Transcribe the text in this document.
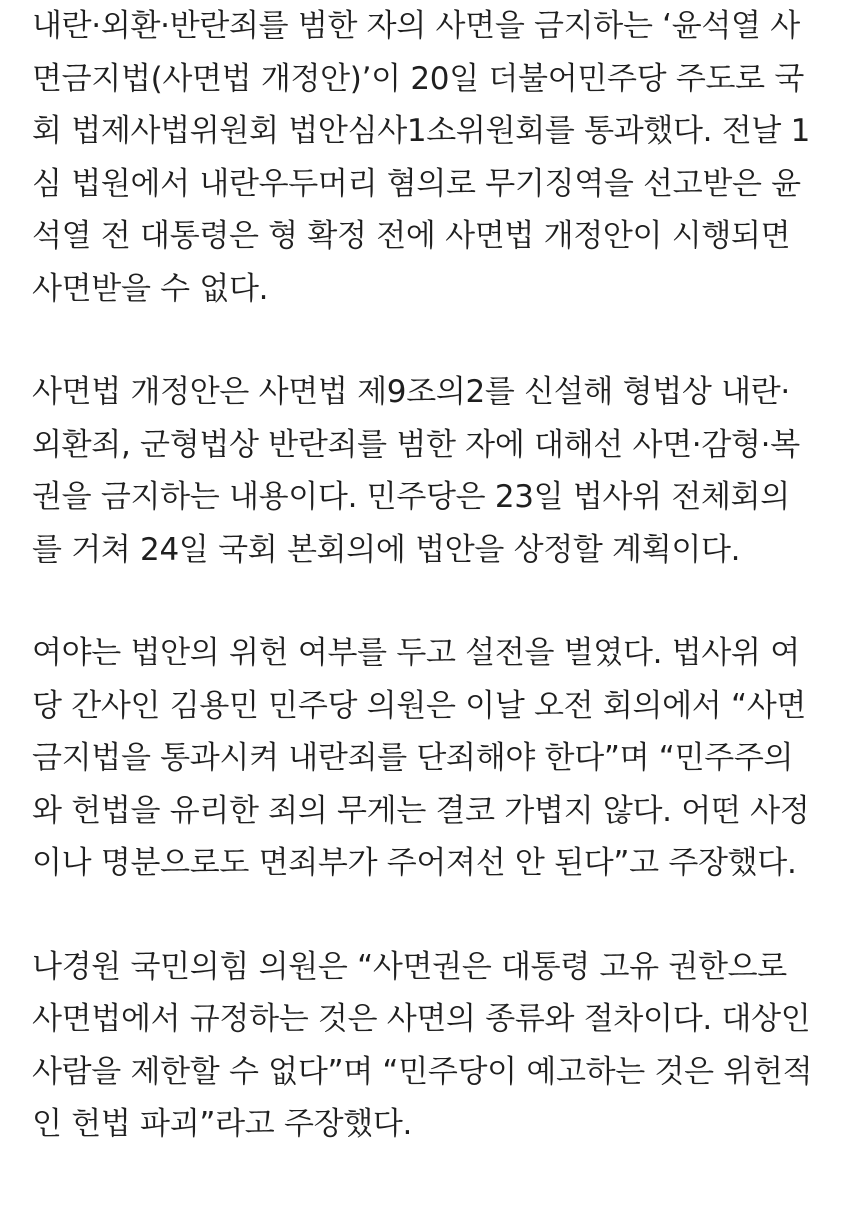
내란·외환·반란죄를 범한 자의 사면을 금지하는 ‘윤석열 사
면금지법(사면법 개정안)’이 20일 더불어민주당 주도로 국
회 법제사법위원회 법안심사1소위원회를 통과했다. 전날 1
심 법원에서 내란우두머리 혐의로 무기징역을 선고받은 윤
석열 전 대통령은 형 확정 전에 사면법 개정안이 시행되면
사면받을 수 없다.
사면법 개정안은 사면법 제9조의2를 신설해 형법상 내란·
외환죄, 군형법상 반란죄를 범한 자에 대해선 사면·감형·복
권을 금지하는 내용이다. 민주당은 23일 법사위 전체회의
를 거쳐 24일 국회 본회의에 법안을 상정할 계획이다.
여야는 법안의 위헌 여부를 두고 설전을 벌였다. 법사위 여
당 간사인 김용민 민주당 의원은 이날 오전 회의에서 “사면
금지법을 통과시켜 내란죄를 단죄해야 한다”며 “민주주의
와 헌법을 유리한 죄의 무게는 결코 가볍지 않다. 어떤 사정
이나 명분으로도 면죄부가 주어져선 안 된다”고 주장했다.
나경원 국민의힘 의원은 “사면권은 대통령 고유 권한으로
사면법에서 규정하는 것은 사면의 종류와 절차이다. 대상인
사람을 제한할 수 없다”며 “민주당이 예고하는 것은 위헌적
인 헌법 파괴”라고 주장했다.
